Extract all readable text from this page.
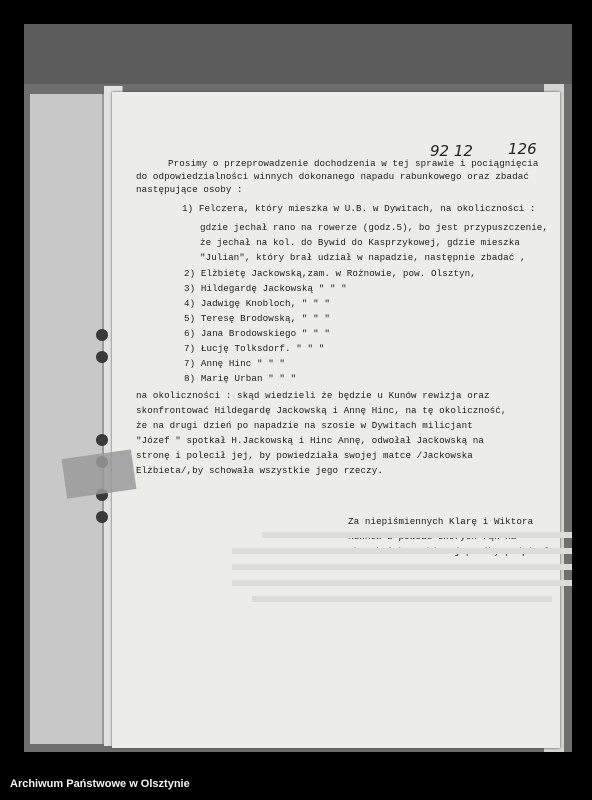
92 12 126
Prosimy o przeprowadzenie dochodzenia w tej sprawie i pociągnięcia
do odpowiedzialności winnych dokonanego napadu rabunkowego oraz zbadać
następujące osoby :
1) Felczera, który mieszka w U.B. w Dywitach, na okoliczności :
gdzie jechał rano na rowerze (godz.5), bo jest przypuszczenie,
że jechał na kol. do Bywid do Kasprzykowej, gdzie mieszka
"Julian", który brał udział w napadzie, następnie zbadać ,
2) Elżbietę Jackowską,zam. w Rożnowie, pow. Olsztyn,
3) Hildegardę Jackowską " " "
4) Jadwigę Knobloch, " " "
5) Teresę Brodowską, " " "
6) Jana Brodowskiego " " "
7) Łucję Tolksdorf. " " "
7) Annę Hinc " " "
8) Marię Urban " " "
na okoliczności : skąd wiedzieli że będzie u Kunów rewizja oraz
skonfrontować Hildegardę Jackowską i Annę Hinc, na tę okoliczność,
że na drugi dzień po napadzie na szosie w Dywitach milicjant
"Józef " spotkał H.Jackowską i Hinc Annę, odwołał Jackowską na
stronę i polecił jej, by powiedziała swojej matce /Jackowska
Elżbieta/,by schowała wszystkie jego rzeczy.
Za niepiśmiennych Klarę i Wiktora
Archiwum Państwowe w Olsztynie
